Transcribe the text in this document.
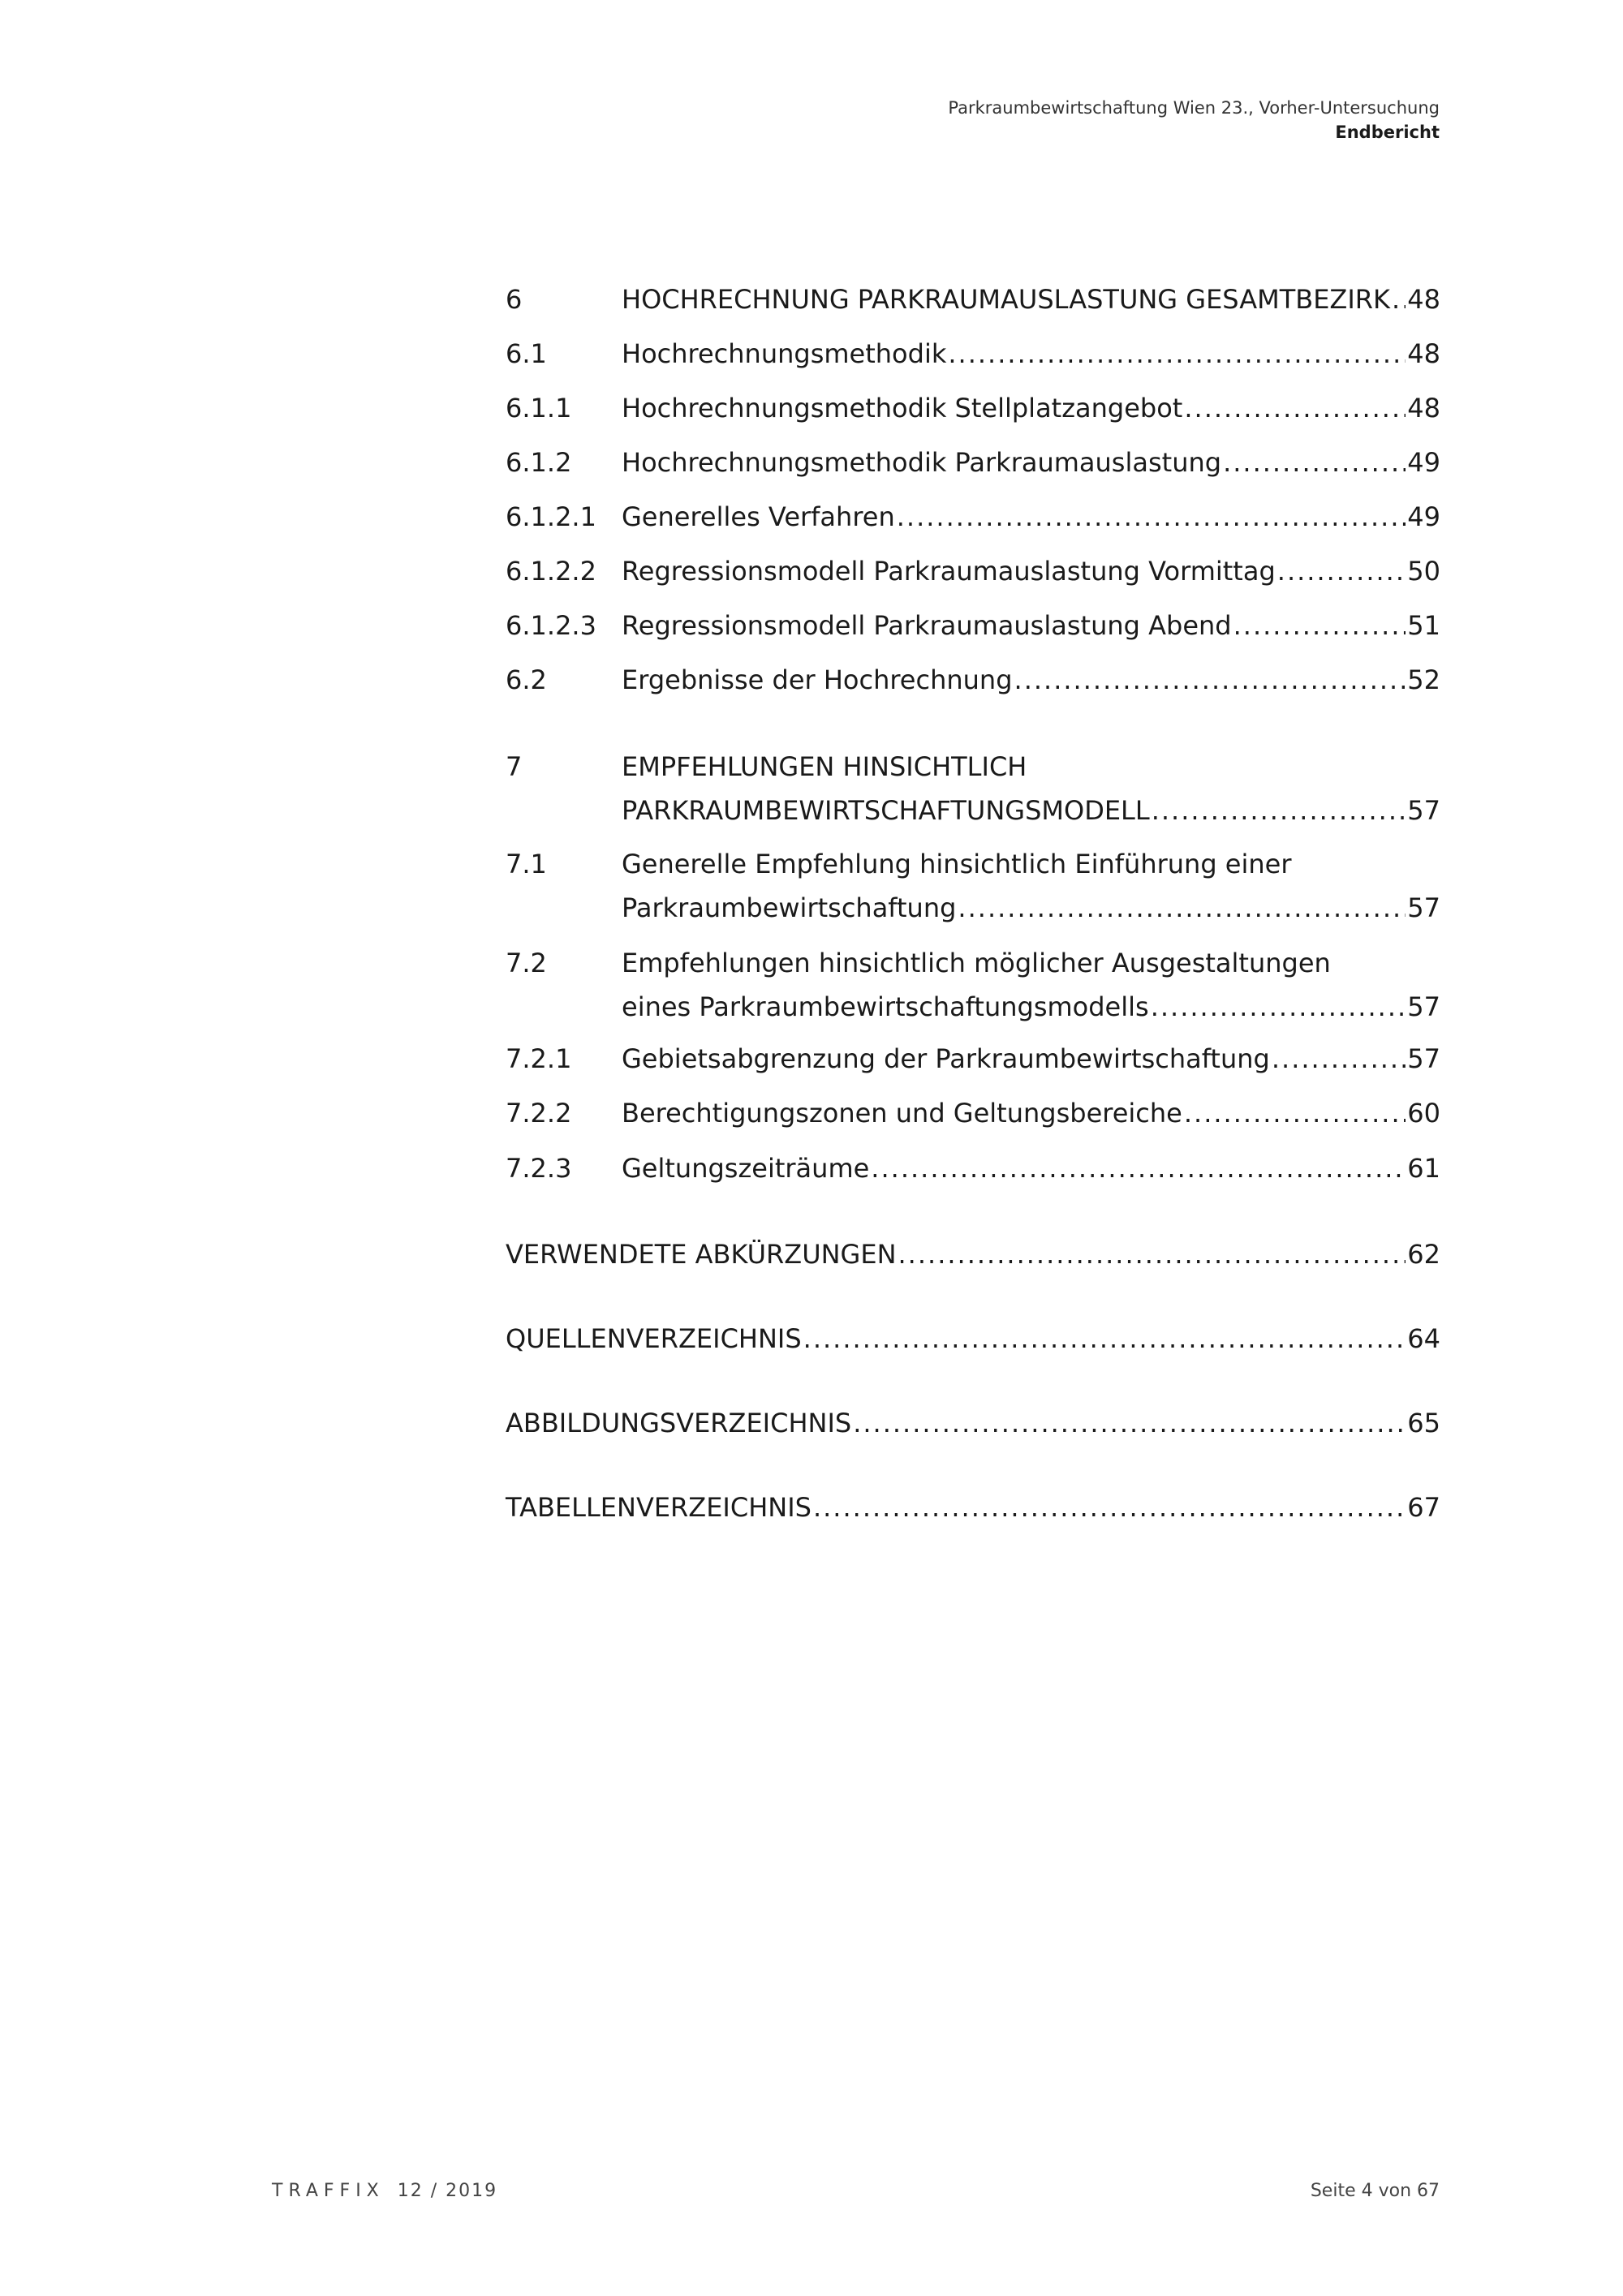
Parkraumbewirtschaftung Wien 23., Vorher-Untersuchung
Endbericht
6	HOCHRECHNUNG PARKRAUMAUSLASTUNG GESAMTBEZIRK ..... 48
6.1	Hochrechnungsmethodik .....	48
6.1.1 Hochrechnungsmethodik Stellplatzangebot .....	48
6.1.2 Hochrechnungsmethodik Parkraumauslastung .....	49
6.1.2.1 Generelles Verfahren .....	49
6.1.2.2 Regressionsmodell Parkraumauslastung Vormittag .....	50
6.1.2.3 Regressionsmodell Parkraumauslastung Abend .....	51
6.2	Ergebnisse der Hochrechnung .....	52
7	EMPFEHLUNGEN HINSICHTLICH
PARKRAUMBEWIRTSCHAFTUNGSMODELL .....	57
7.1	Generelle Empfehlung hinsichtlich Einführung einer
Parkraumbewirtschaftung .....	57
7.2	Empfehlungen hinsichtlich möglicher Ausgestaltungen
eines Parkraumbewirtschaftungsmodells .....	57
7.2.1 Gebietsabgrenzung der Parkraumbewirtschaftung .....	57
7.2.2 Berechtigungszonen und Geltungsbereiche .....	60
7.2.3 Geltungszeiträume .....	61
VERWENDETE ABKÜRZUNGEN .....	62
QUELLENVERZEICHNIS .....	64
ABBILDUNGSVERZEICHNIS .....	65
TABELLENVERZEICHNIS .....	67
TRAFFIX 12 / 2019	Seite 4 von 67
